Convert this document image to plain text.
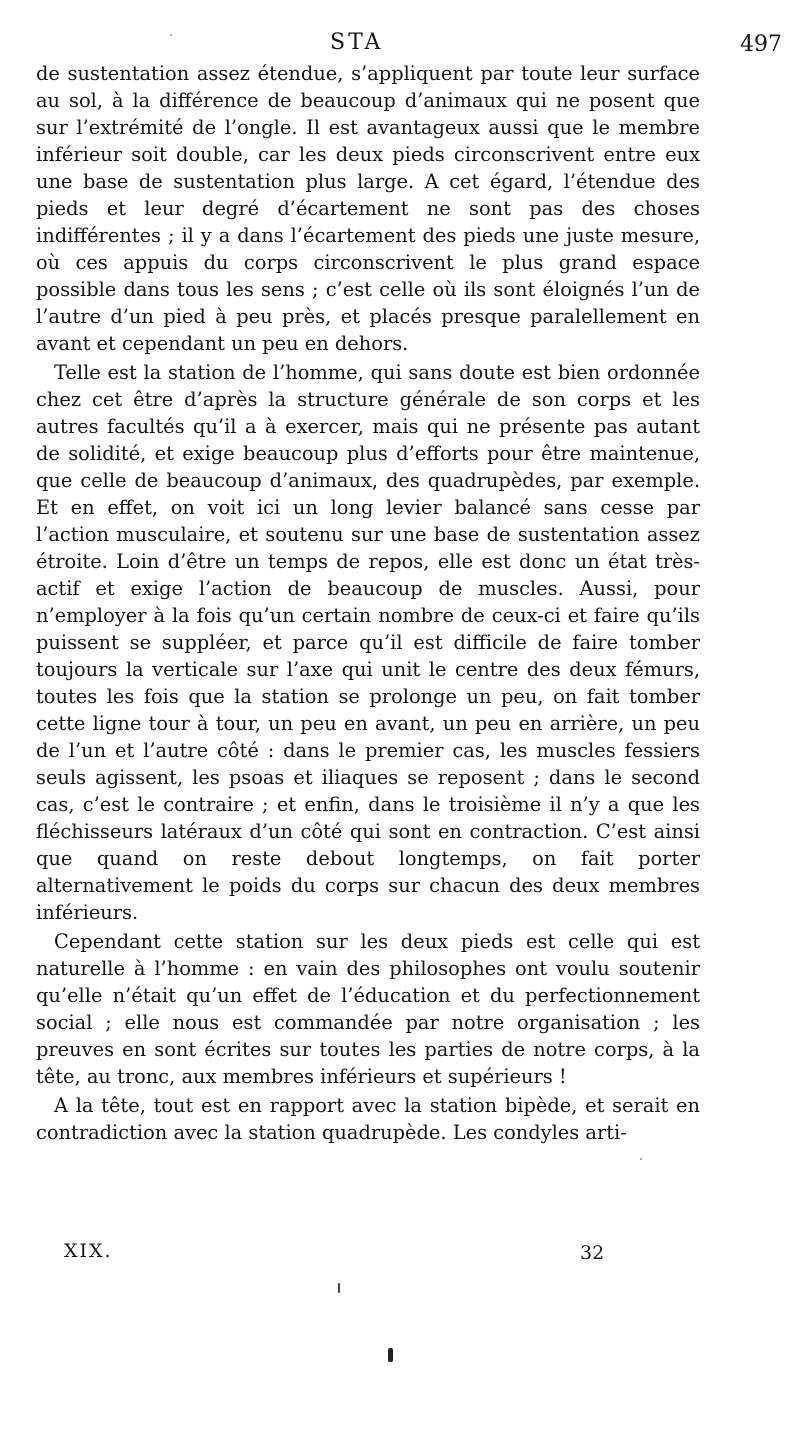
STA	497

de sustentation assez étendue, s’appliquent par toute leur surface au sol, à la différence de beaucoup d’animaux qui ne posent que sur l’extrémité de l’ongle. Il est avantageux aussi que le membre inférieur soit double, car les deux pieds circonscrivent entre eux une base de sustentation plus large. A cet égard, l’étendue des pieds et leur degré d’écartement ne sont pas des choses indifférentes ; il y a dans l’écartement des pieds une juste mesure, où ces appuis du corps circonscrivent le plus grand espace possible dans tous les sens ; c’est celle où ils sont éloignés l’un de l’autre d’un pied à peu près, et placés presque paralellement en avant et cependant un peu en dehors.

Telle est la station de l’homme, qui sans doute est bien ordonnée chez cet être d’après la structure générale de son corps et les autres facultés qu’il a à exercer, mais qui ne présente pas autant de solidité, et exige beaucoup plus d’efforts pour être maintenue, que celle de beaucoup d’animaux, des quadrupèdes, par exemple. Et en effet, on voit ici un long levier balancé sans cesse par l’action musculaire, et soutenu sur une base de sustentation assez étroite. Loin d’être un temps de repos, elle est donc un état très-actif et exige l’action de beaucoup de muscles. Aussi, pour n’employer à la fois qu’un certain nombre de ceux-ci et faire qu’ils puissent se suppléer, et parce qu’il est difficile de faire tomber toujours la verticale sur l’axe qui unit le centre des deux fémurs, toutes les fois que la station se prolonge un peu, on fait tomber cette ligne tour à tour, un peu en avant, un peu en arrière, un peu de l’un et l’autre côté : dans le premier cas, les muscles fessiers seuls agissent, les psoas et iliaques se reposent ; dans le second cas, c’est le contraire ; et enfin, dans le troisième il n’y a que les fléchisseurs latéraux d’un côté qui sont en contraction. C’est ainsi que quand on reste debout longtemps, on fait porter alternativement le poids du corps sur chacun des deux membres inférieurs.

Cependant cette station sur les deux pieds est celle qui est naturelle à l’homme : en vain des philosophes ont voulu soutenir qu’elle n’était qu’un effet de l’éducation et du perfectionnement social ; elle nous est commandée par notre organisation ; les preuves en sont écrites sur toutes les parties de notre corps, à la tête, au tronc, aux membres inférieurs et supérieurs !

A la tête, tout est en rapport avec la station bipède, et serait en contradiction avec la station quadrupède. Les condyles arti-

XIX.	32
